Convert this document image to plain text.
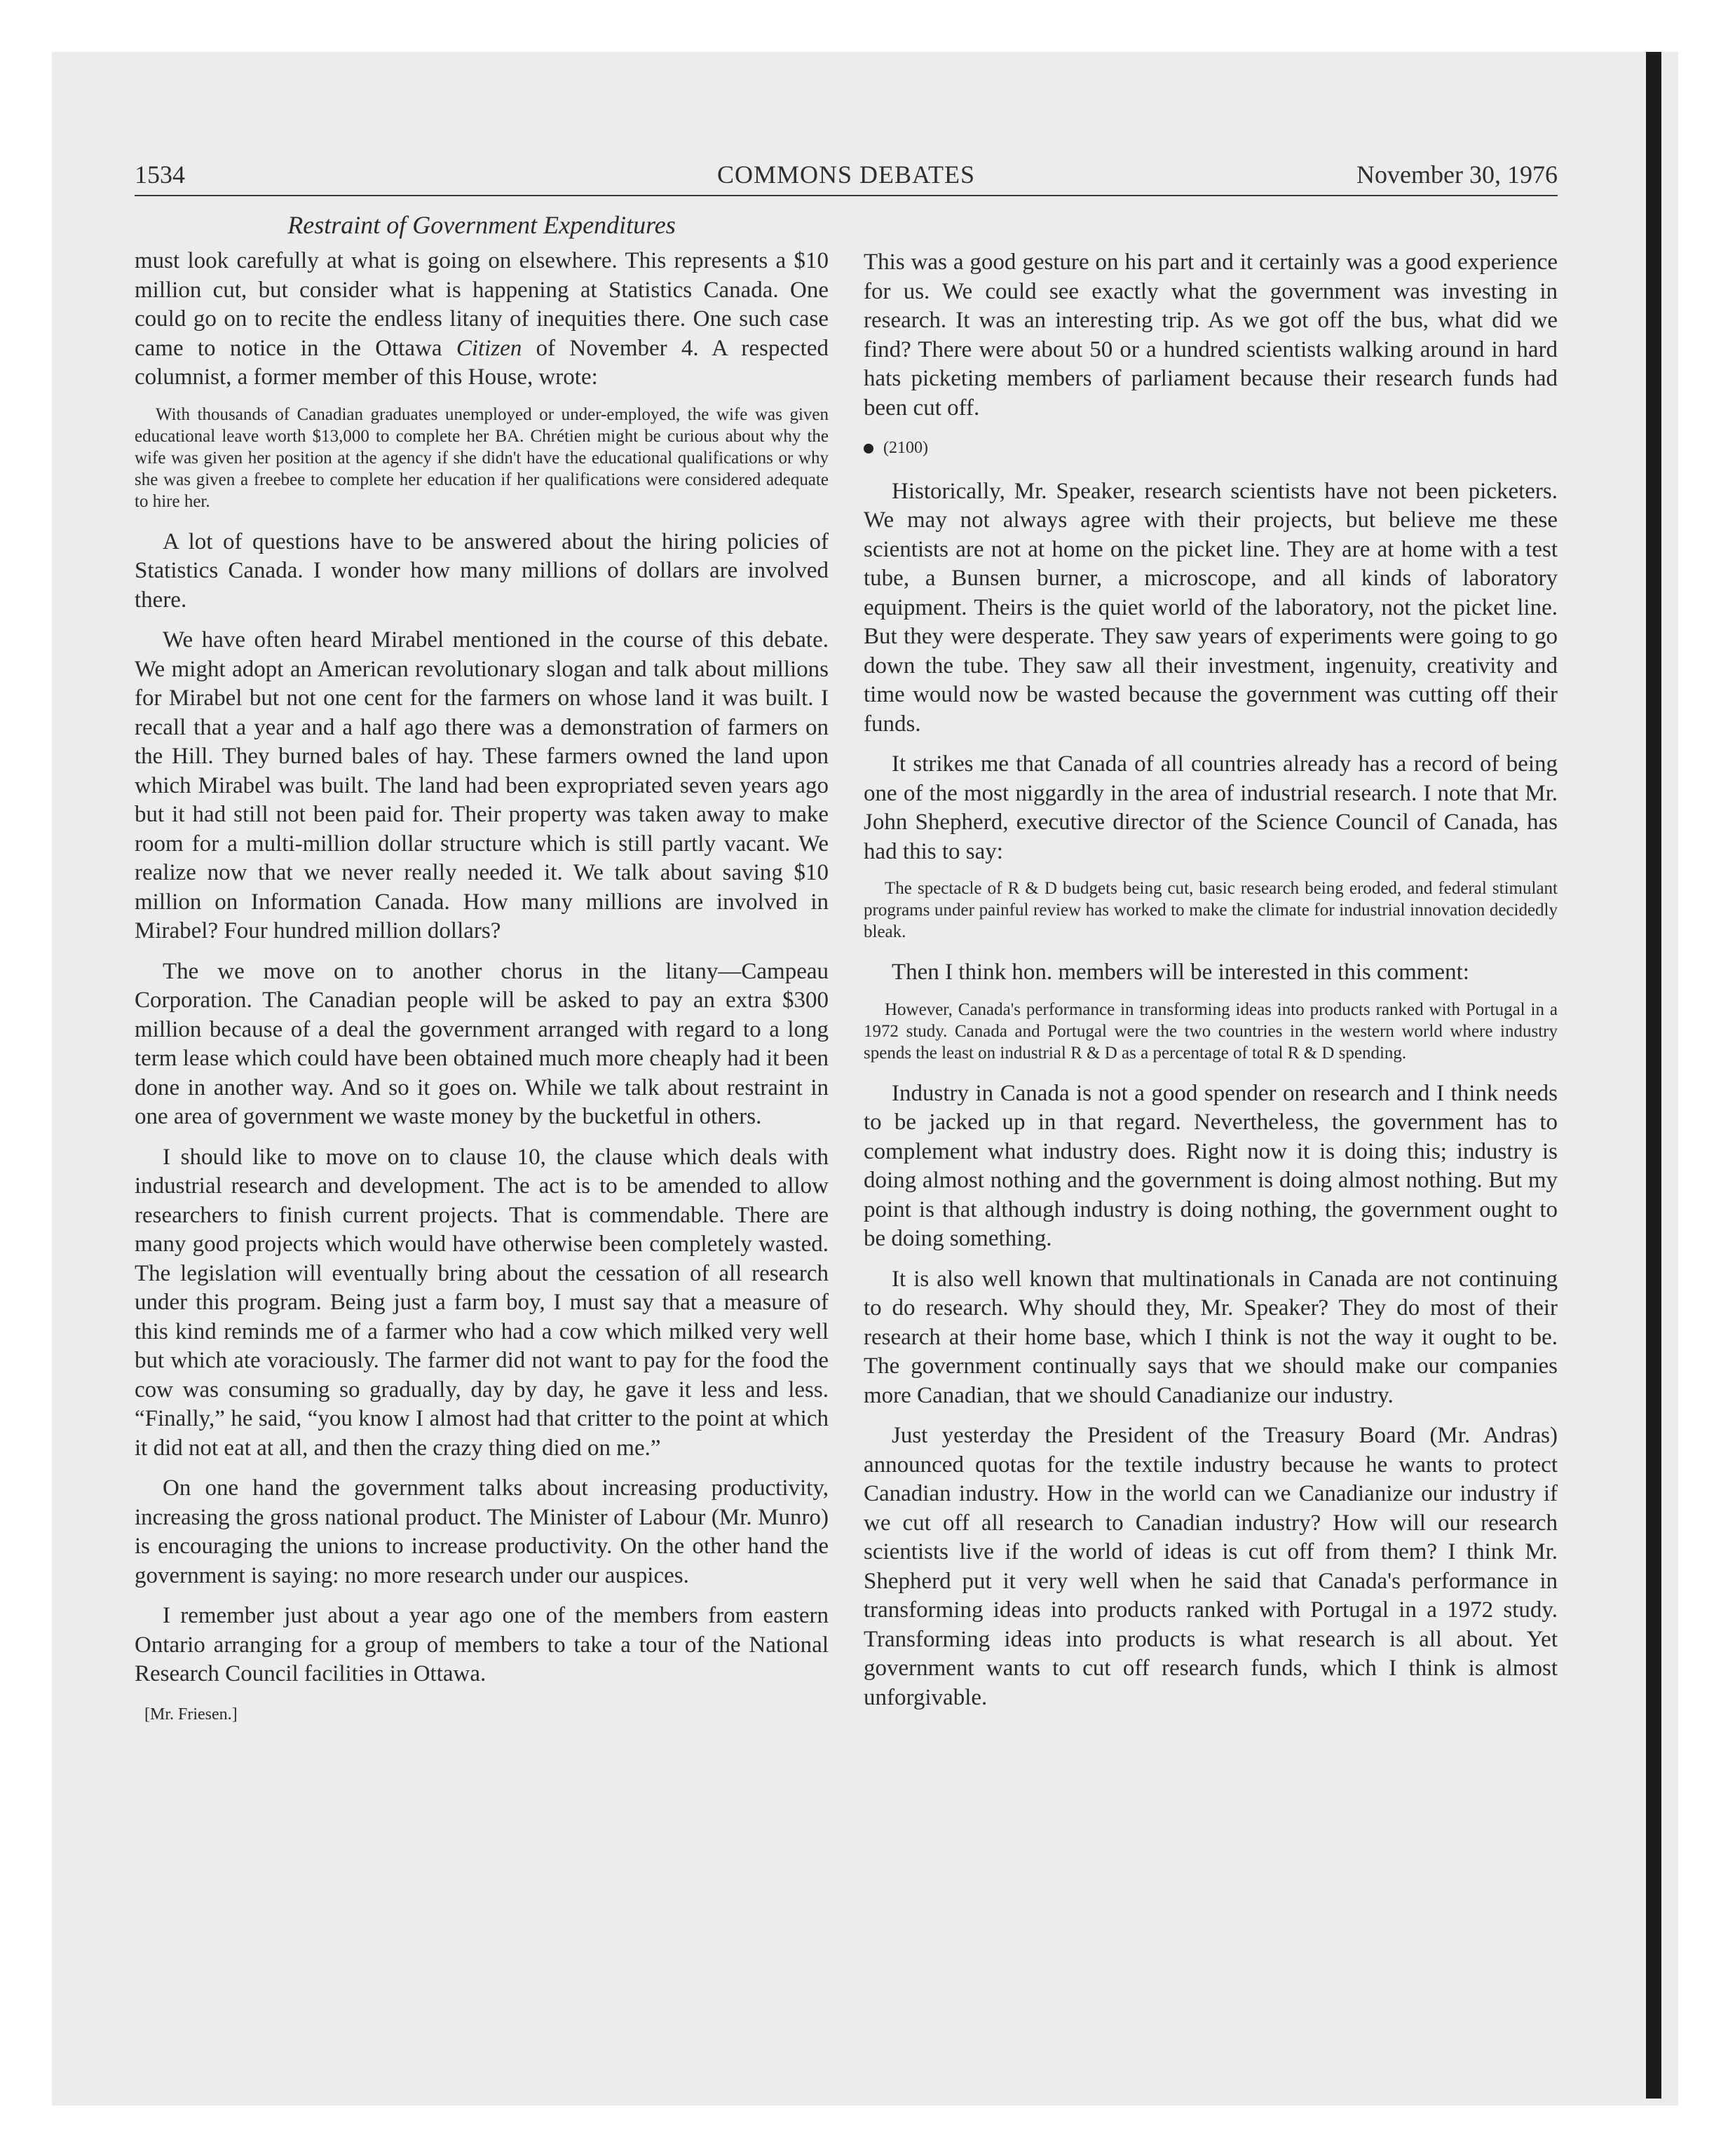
1534	COMMONS DEBATES	November 30, 1976
Restraint of Government Expenditures

must look carefully at what is going on elsewhere. This represents a $10 million cut, but consider what is happening at Statistics Canada. One could go on to recite the endless litany of inequities there. One such case came to notice in the Ottawa Citizen of November 4. A respected columnist, a former member of this House, wrote:

With thousands of Canadian graduates unemployed or under-employed, the wife was given educational leave worth $13,000 to complete her BA. Chrétien might be curious about why the wife was given her position at the agency if she didn't have the educational qualifications or why she was given a freebee to complete her education if her qualifications were considered adequate to hire her.

A lot of questions have to be answered about the hiring policies of Statistics Canada. I wonder how many millions of dollars are involved there.

We have often heard Mirabel mentioned in the course of this debate. We might adopt an American revolutionary slogan and talk about millions for Mirabel but not one cent for the farmers on whose land it was built. I recall that a year and a half ago there was a demonstration of farmers on the Hill. They burned bales of hay. These farmers owned the land upon which Mirabel was built. The land had been expropriated seven years ago but it had still not been paid for. Their property was taken away to make room for a multi-million dollar structure which is still partly vacant. We realize now that we never really needed it. We talk about saving $10 million on Information Canada. How many millions are involved in Mirabel? Four hundred million dollars?

The we move on to another chorus in the litany—Campeau Corporation. The Canadian people will be asked to pay an extra $300 million because of a deal the government arranged with regard to a long term lease which could have been obtained much more cheaply had it been done in another way. And so it goes on. While we talk about restraint in one area of government we waste money by the bucketful in others.

I should like to move on to clause 10, the clause which deals with industrial research and development. The act is to be amended to allow researchers to finish current projects. That is commendable. There are many good projects which would have otherwise been completely wasted. The legislation will eventually bring about the cessation of all research under this program. Being just a farm boy, I must say that a measure of this kind reminds me of a farmer who had a cow which milked very well but which ate voraciously. The farmer did not want to pay for the food the cow was consuming so gradually, day by day, he gave it less and less. “Finally,” he said, “you know I almost had that critter to the point at which it did not eat at all, and then the crazy thing died on me.”

On one hand the government talks about increasing productivity, increasing the gross national product. The Minister of Labour (Mr. Munro) is encouraging the unions to increase productivity. On the other hand the government is saying: no more research under our auspices.

I remember just about a year ago one of the members from eastern Ontario arranging for a group of members to take a tour of the National Research Council facilities in Ottawa.

[Mr. Friesen.]

This was a good gesture on his part and it certainly was a good experience for us. We could see exactly what the government was investing in research. It was an interesting trip. As we got off the bus, what did we find? There were about 50 or a hundred scientists walking around in hard hats picketing members of parliament because their research funds had been cut off.

(2100)

Historically, Mr. Speaker, research scientists have not been picketers. We may not always agree with their projects, but believe me these scientists are not at home on the picket line. They are at home with a test tube, a Bunsen burner, a microscope, and all kinds of laboratory equipment. Theirs is the quiet world of the laboratory, not the picket line. But they were desperate. They saw years of experiments were going to go down the tube. They saw all their investment, ingenuity, creativity and time would now be wasted because the government was cutting off their funds.

It strikes me that Canada of all countries already has a record of being one of the most niggardly in the area of industrial research. I note that Mr. John Shepherd, executive director of the Science Council of Canada, has had this to say:

The spectacle of R & D budgets being cut, basic research being eroded, and federal stimulant programs under painful review has worked to make the climate for industrial innovation decidedly bleak.

Then I think hon. members will be interested in this comment:

However, Canada's performance in transforming ideas into products ranked with Portugal in a 1972 study. Canada and Portugal were the two countries in the western world where industry spends the least on industrial R & D as a percentage of total R & D spending.

Industry in Canada is not a good spender on research and I think needs to be jacked up in that regard. Nevertheless, the government has to complement what industry does. Right now it is doing this; industry is doing almost nothing and the government is doing almost nothing. But my point is that although industry is doing nothing, the government ought to be doing something.

It is also well known that multinationals in Canada are not continuing to do research. Why should they, Mr. Speaker? They do most of their research at their home base, which I think is not the way it ought to be. The government continually says that we should make our companies more Canadian, that we should Canadianize our industry.

Just yesterday the President of the Treasury Board (Mr. Andras) announced quotas for the textile industry because he wants to protect Canadian industry. How in the world can we Canadianize our industry if we cut off all research to Canadian industry? How will our research scientists live if the world of ideas is cut off from them? I think Mr. Shepherd put it very well when he said that Canada's performance in transforming ideas into products ranked with Portugal in a 1972 study. Transforming ideas into products is what research is all about. Yet government wants to cut off research funds, which I think is almost unforgivable.
